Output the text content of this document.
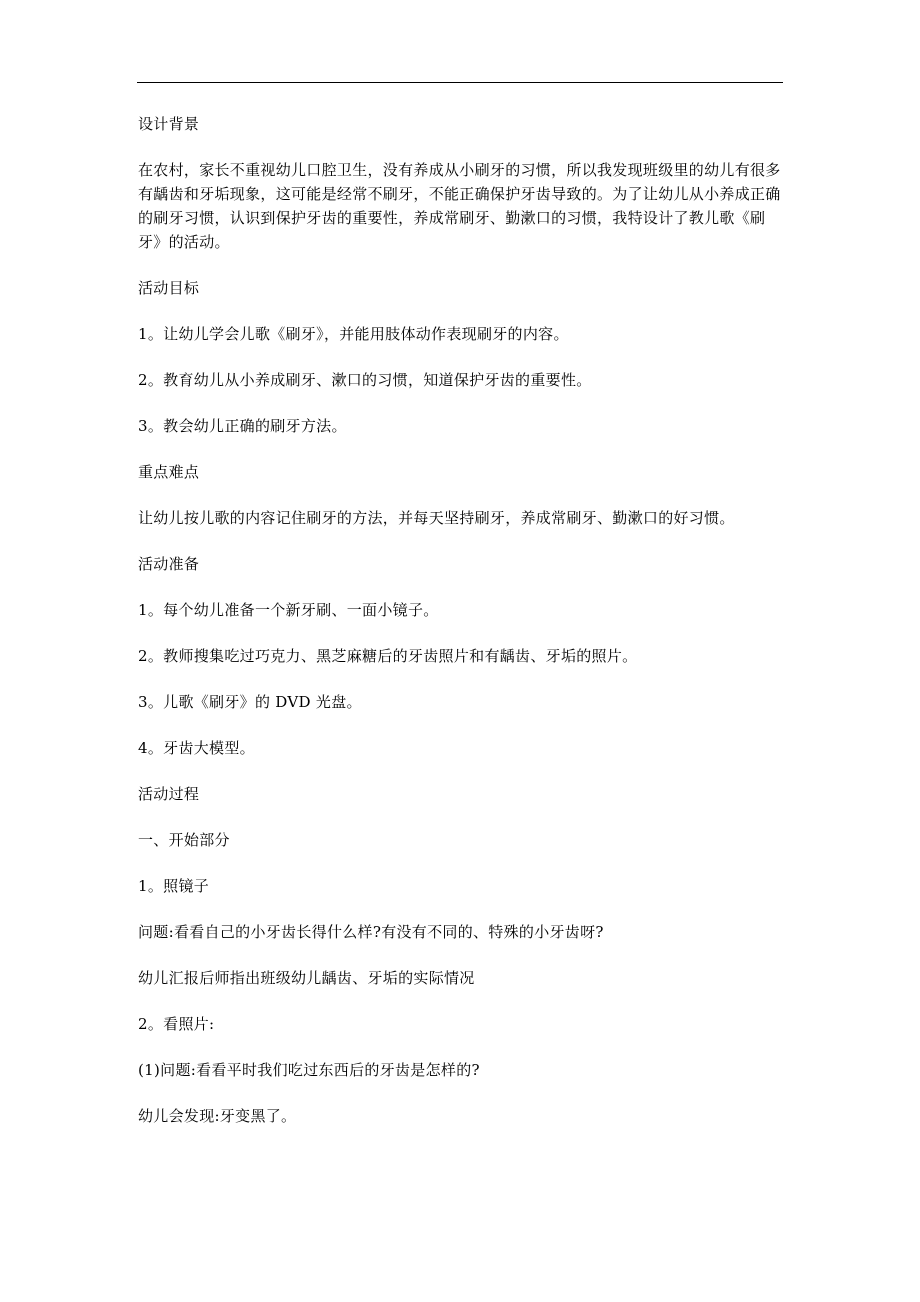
设计背景

在农村，家长不重视幼儿口腔卫生，没有养成从小刷牙的习惯，所以我发现班级里的幼儿有很多有龋齿和牙垢现象，这可能是经常不刷牙，不能正确保护牙齿导致的。为了让幼儿从小养成正确的刷牙习惯，认识到保护牙齿的重要性，养成常刷牙、勤漱口的习惯，我特设计了教儿歌《刷牙》的活动。

活动目标

1。让幼儿学会儿歌《刷牙》，并能用肢体动作表现刷牙的内容。

2。教育幼儿从小养成刷牙、漱口的习惯，知道保护牙齿的重要性。

3。教会幼儿正确的刷牙方法。

重点难点

让幼儿按儿歌的内容记住刷牙的方法，并每天坚持刷牙，养成常刷牙、勤漱口的好习惯。

活动准备

1。每个幼儿准备一个新牙刷、一面小镜子。

2。教师搜集吃过巧克力、黑芝麻糖后的牙齿照片和有龋齿、牙垢的照片。

3。儿歌《刷牙》的 DVD 光盘。

4。牙齿大模型。

活动过程

一、开始部分

1。照镜子

问题:看看自己的小牙齿长得什么样?有没有不同的、特殊的小牙齿呀?

幼儿汇报后师指出班级幼儿龋齿、牙垢的实际情况

2。看照片:

(1)问题:看看平时我们吃过东西后的牙齿是怎样的?

幼儿会发现:牙变黑了。
